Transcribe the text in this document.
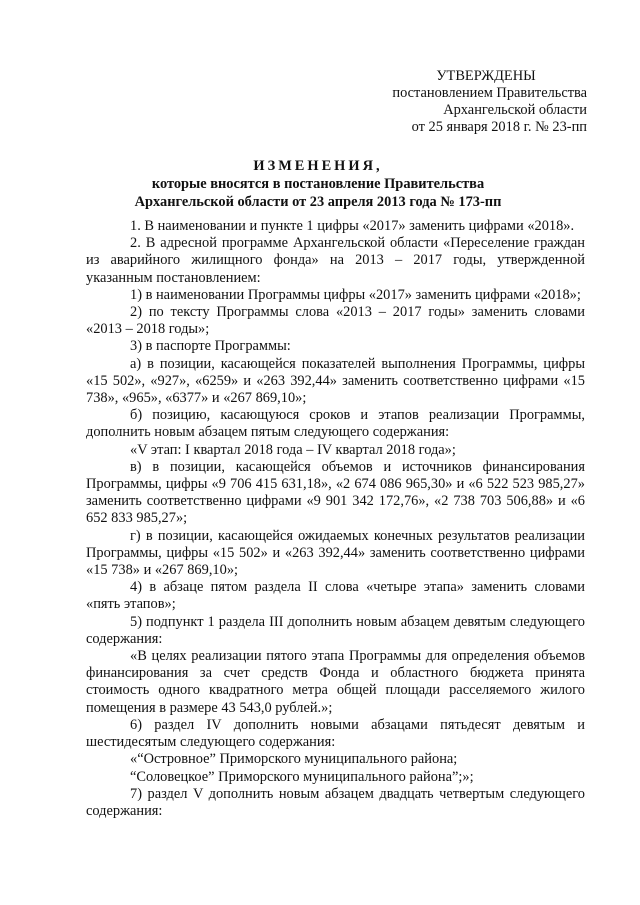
УТВЕРЖДЕНЫ
постановлением Правительства
Архангельской области
от 25 января 2018 г. № 23-пп
ИЗМЕНЕНИЯ,
которые вносятся в постановление Правительства
Архангельской области от 23 апреля 2013 года № 173-пп

1. В наименовании и пункте 1 цифры «2017» заменить цифрами «2018».

2. В адресной программе Архангельской области «Переселение граждан из аварийного жилищного фонда» на 2013 – 2017 годы, утвержденной указанным постановлением:

1) в наименовании Программы цифры «2017» заменить цифрами «2018»;

2) по тексту Программы слова «2013 – 2017 годы» заменить словами «2013 – 2018 годы»;

3) в паспорте Программы:

а) в позиции, касающейся показателей выполнения Программы, цифры «15 502», «927», «6259» и «263 392,44» заменить соответственно цифрами «15 738», «965», «6377» и «267 869,10»;

б) позицию, касающуюся сроков и этапов реализации Программы, дополнить новым абзацем пятым следующего содержания:

«V этап: I квартал 2018 года – IV квартал 2018 года»;

в) в позиции, касающейся объемов и источников финансирования Программы, цифры «9 706 415 631,18», «2 674 086 965,30» и «6 522 523 985,27» заменить соответственно цифрами «9 901 342 172,76», «2 738 703 506,88» и «6 652 833 985,27»;

г) в позиции, касающейся ожидаемых конечных результатов реализации Программы, цифры «15 502» и «263 392,44» заменить соответственно цифрами «15 738» и «267 869,10»;

4) в абзаце пятом раздела II слова «четыре этапа» заменить словами «пять этапов»;

5) подпункт 1 раздела III дополнить новым абзацем девятым следующего содержания:

«В целях реализации пятого этапа Программы для определения объемов финансирования за счет средств Фонда и областного бюджета принята стоимость одного квадратного метра общей площади расселяемого жилого помещения в размере 43 543,0 рублей.»;

6) раздел IV дополнить новыми абзацами пятьдесят девятым и шестидесятым следующего содержания:

«“Островное” Приморского муниципального района;

“Соловецкое” Приморского муниципального района”;»;

7) раздел V дополнить новым абзацем двадцать четвертым следующего содержания:
